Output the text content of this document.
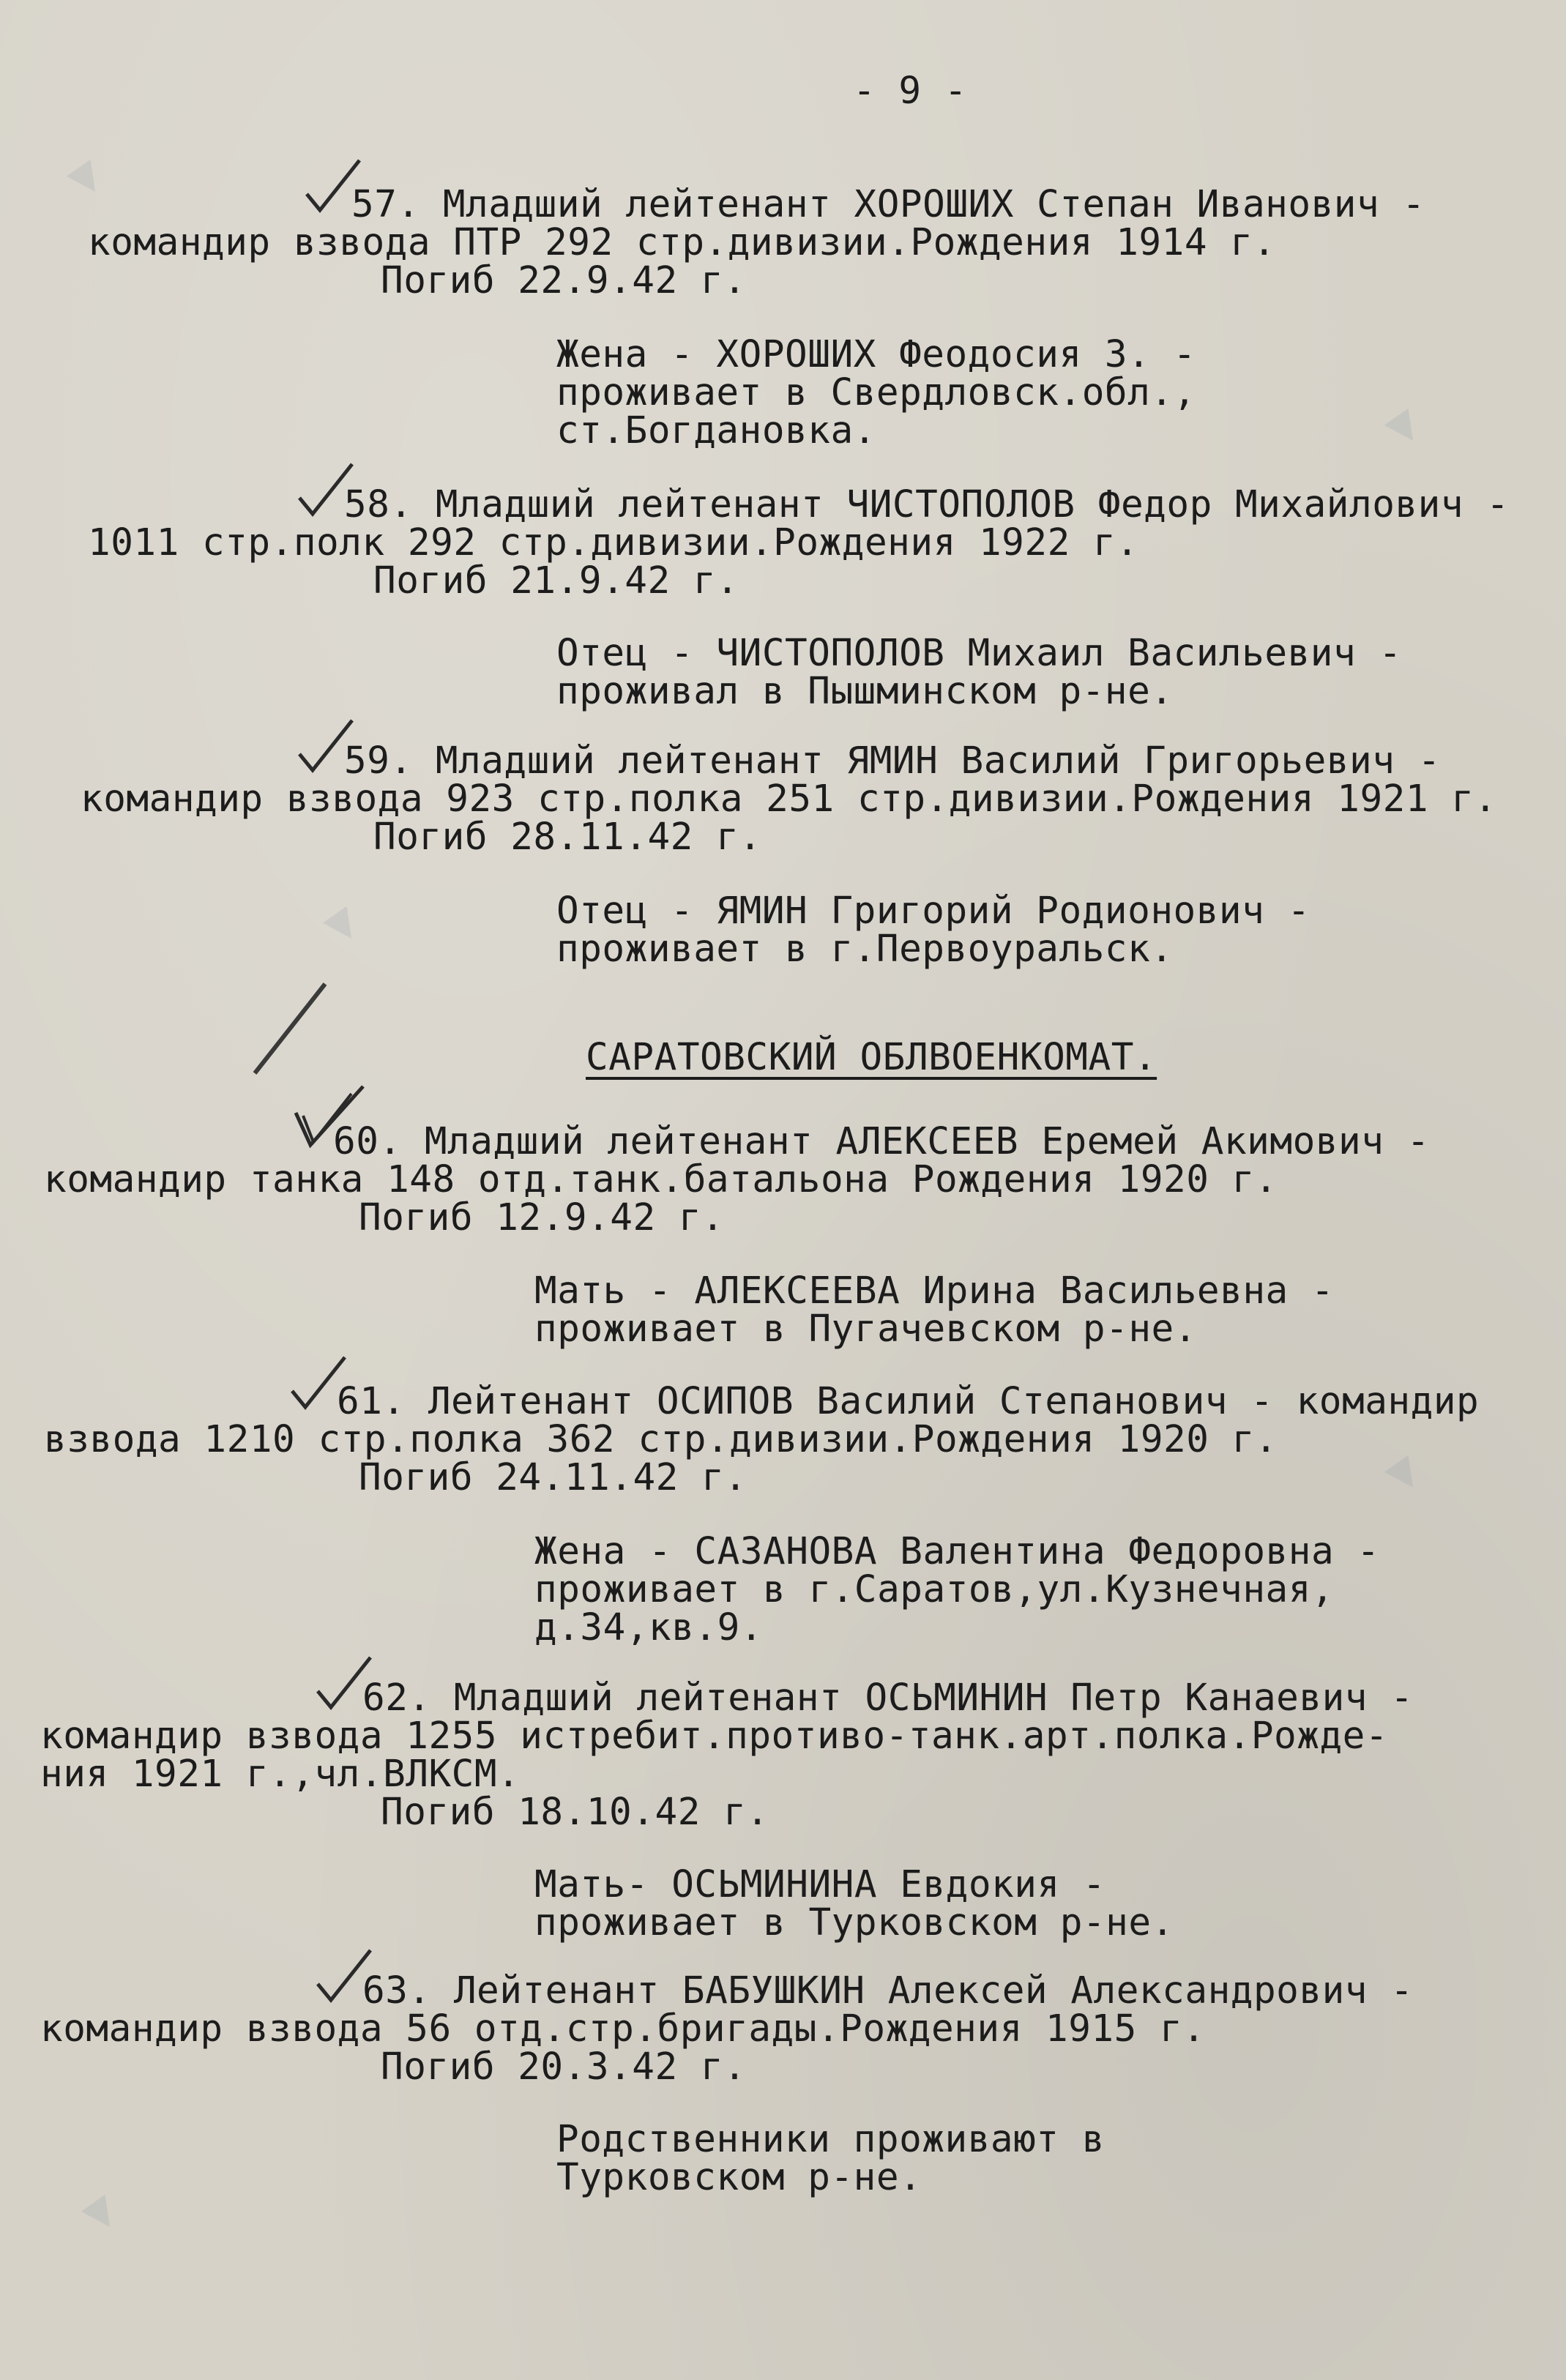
- 9 -
57. Младший лейтенант ХОРОШИХ Степан Иванович -
командир взвода ПТР 292 стр.дивизии.Рождения 1914 г.
Погиб 22.9.42 г.
Жена - ХОРОШИХ Феодосия З. -
проживает в Свердловск.обл.,
ст.Богдановка.
58. Младший лейтенант ЧИСТОПОЛОВ Федор Михайлович -
1011 стр.полк 292 стр.дивизии.Рождения 1922 г.
Погиб 21.9.42 г.
Отец - ЧИСТОПОЛОВ Михаил Васильевич -
проживал в Пышминском р-не.
59. Младший лейтенант ЯМИН Василий Григорьевич -
командир взвода 923 стр.полка 251 стр.дивизии.Рождения 1921 г.
Погиб 28.11.42 г.
Отец - ЯМИН Григорий Родионович -
проживает в г.Первоуральск.
САРАТОВСКИЙ ОБЛВОЕНКОМАТ.
60. Младший лейтенант АЛЕКСЕЕВ Еремей Акимович -
командир танка 148 отд.танк.батальона Рождения 1920 г.
Погиб 12.9.42 г.
Мать - АЛЕКСЕЕВА Ирина Васильевна -
проживает в Пугачевском р-не.
61. Лейтенант ОСИПОВ Василий Степанович - командир
взвода 1210 стр.полка 362 стр.дивизии.Рождения 1920 г.
Погиб 24.11.42 г.
Жена - САЗАНОВА Валентина Федоровна -
проживает в г.Саратов,ул.Кузнечная,
д.34,кв.9.
62. Младший лейтенант ОСЬМИНИН Петр Канаевич -
командир взвода 1255 истребит.противо-танк.арт.полка.Рожде-
ния 1921 г.,чл.ВЛКСМ.
Погиб 18.10.42 г.
Мать- ОСЬМИНИНА Евдокия -
проживает в Турковском р-не.
63. Лейтенант БАБУШКИН Алексей Александрович -
командир взвода 56 отд.стр.бригады.Рождения 1915 г.
Погиб 20.3.42 г.
Родственники проживают в
Турковском р-не.
